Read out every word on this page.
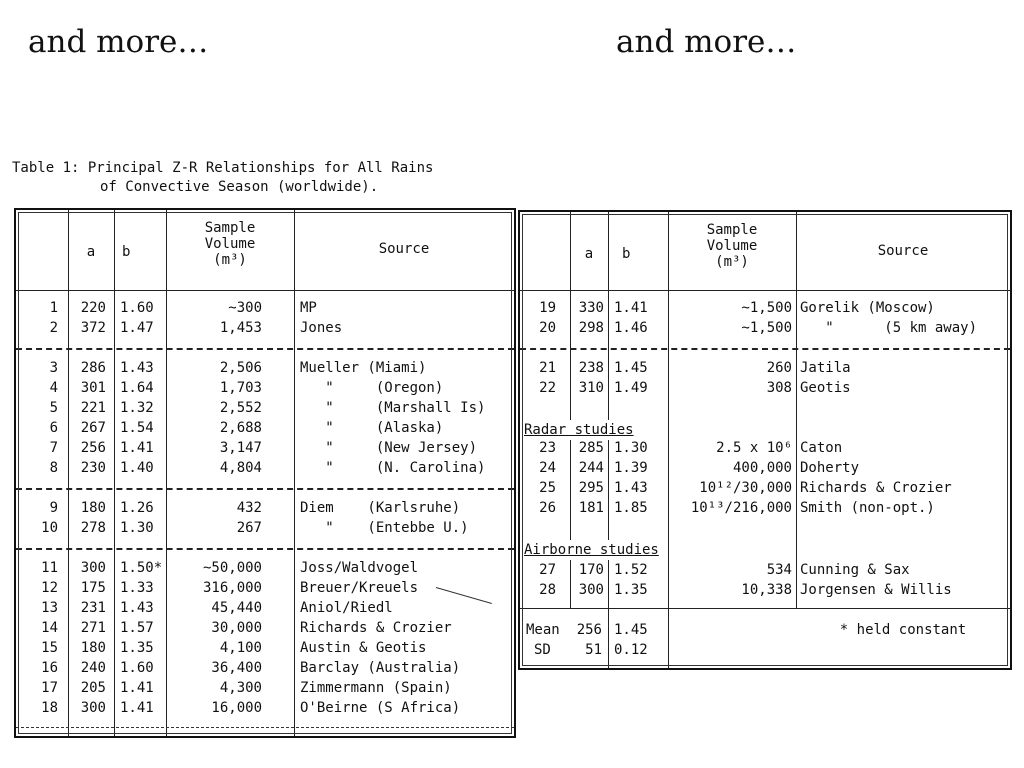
and more…	and more…
Table 1: Principal Z-R Relationships for All Rains
of Convective Season (worldwide).
a	b
Sample
Volume
(m³)
Source
1	220 1.60	~300	MP
2	372 1.47	1,453	Jones
3	286 1.43	2,506	Mueller (Miami)
4	301 1.64	1,703	"     (Oregon)
5	221 1.32	2,552	"     (Marshall Is)
6	267 1.54	2,688	"     (Alaska)
7	256 1.41	3,147	"     (New Jersey)
8	230 1.40	4,804	"     (N. Carolina)
9	180 1.26	432	Diem    (Karlsruhe)
10	278 1.30	267	"    (Entebbe U.)
11	300 1.50*	~50,000	Joss/Waldvogel
12	175 1.33	316,000	Breuer/Kreuels
13	231 1.43	45,440	Aniol/Riedl
14	271 1.57	30,000	Richards & Crozier
15	180 1.35	4,100	Austin & Geotis
16	240 1.60	36,400	Barclay (Australia)
17	205 1.41	4,300	Zimmermann (Spain)
18	300 1.41	16,000	O'Beirne (S Africa)
a	b
Sample
Volume
(m³)
Source
Radar studies
Airborne studies
19	330 1.41	~1,500 Gorelik (Moscow)
20	298 1.46	~1,500 "      (5 km away)
21	238 1.45	260 Jatila
22	310 1.49	308 Geotis
23	285 1.30	2.5 x 10⁶ Caton
24	244 1.39	400,000 Doherty
25	295 1.43	10¹²/30,000 Richards & Crozier
26	181 1.85	10¹³/216,000 Smith (non-opt.)
27	170 1.52	534 Cunning & Sax
28	300 1.35	10,338 Jorgensen & Willis
Mean	256 1.45
SD	51 0.12
* held constant
